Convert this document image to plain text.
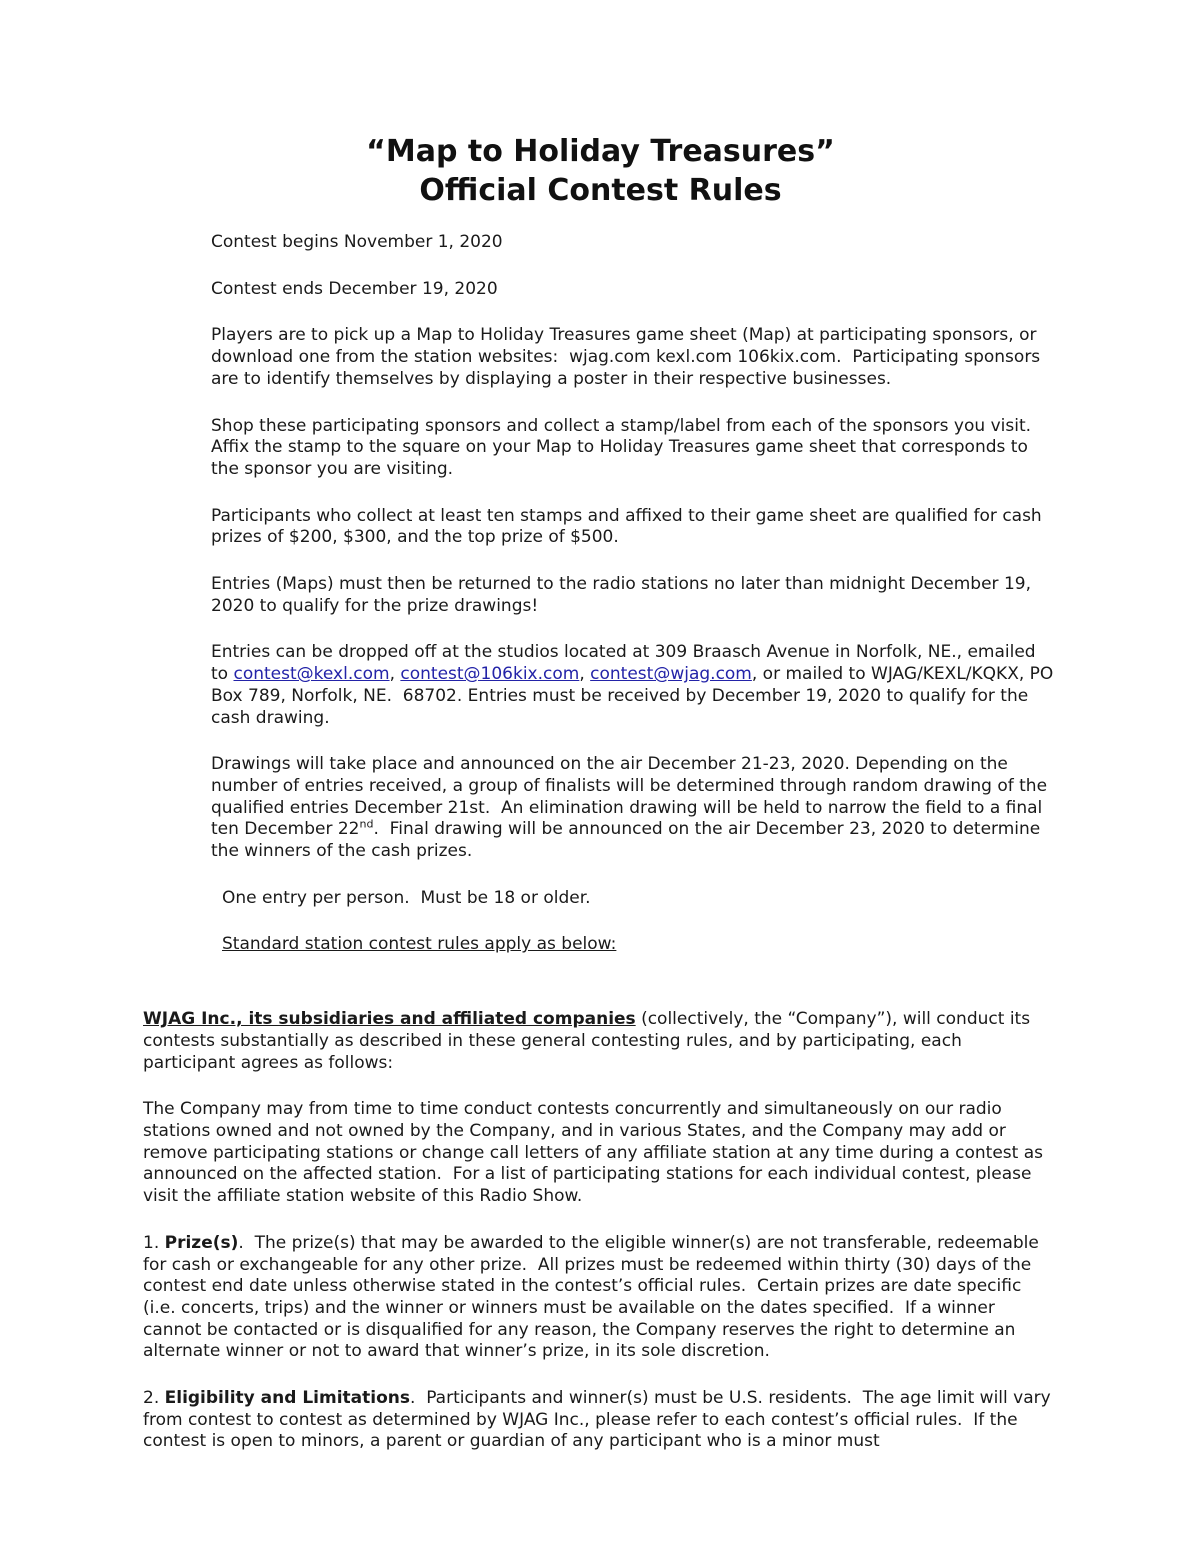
“Map to Holiday Treasures”
Official Contest Rules

Contest begins November 1, 2020

Contest ends December 19, 2020

Players are to pick up a Map to Holiday Treasures game sheet (Map) at participating sponsors, or download one from the station websites:  wjag.com kexl.com 106kix.com.  Participating sponsors are to identify themselves by displaying a poster in their respective businesses.

Shop these participating sponsors and collect a stamp/label from each of the sponsors you visit.  Affix the stamp to the square on your Map to Holiday Treasures game sheet that corresponds to the sponsor you are visiting.

Participants who collect at least ten stamps and affixed to their game sheet are qualified for cash prizes of $200, $300, and the top prize of $500.

Entries (Maps) must then be returned to the radio stations no later than midnight December 19, 2020 to qualify for the prize drawings!

Entries can be dropped off at the studios located at 309 Braasch Avenue in Norfolk, NE., emailed to contest@kexl.com, contest@106kix.com, contest@wjag.com, or mailed to WJAG/KEXL/KQKX, PO Box 789, Norfolk, NE.  68702. Entries must be received by December 19, 2020 to qualify for the cash drawing.

Drawings will take place and announced on the air December 21-23, 2020. Depending on the number of entries received, a group of finalists will be determined through random drawing of the qualified entries December 21st.  An elimination drawing will be held to narrow the field to a final ten December 22nd.  Final drawing will be announced on the air December 23, 2020 to determine the winners of the cash prizes.

One entry per person.  Must be 18 or older.

Standard station contest rules apply as below:

WJAG Inc., its subsidiaries and affiliated companies (collectively, the “Company”), will conduct its contests substantially as described in these general contesting rules, and by participating, each participant agrees as follows:

The Company may from time to time conduct contests concurrently and simultaneously on our radio stations owned and not owned by the Company, and in various States, and the Company may add or remove participating stations or change call letters of any affiliate station at any time during a contest as announced on the affected station.  For a list of participating stations for each individual contest, please visit the affiliate station website of this Radio Show.

1. Prize(s).  The prize(s) that may be awarded to the eligible winner(s) are not transferable, redeemable for cash or exchangeable for any other prize.  All prizes must be redeemed within thirty (30) days of the contest end date unless otherwise stated in the contest’s official rules.  Certain prizes are date specific (i.e. concerts, trips) and the winner or winners must be available on the dates specified.  If a winner cannot be contacted or is disqualified for any reason, the Company reserves the right to determine an alternate winner or not to award that winner’s prize, in its sole discretion.

2. Eligibility and Limitations.  Participants and winner(s) must be U.S. residents.  The age limit will vary from contest to contest as determined by WJAG Inc., please refer to each contest’s official rules.  If the contest is open to minors, a parent or guardian of any participant who is a minor must
